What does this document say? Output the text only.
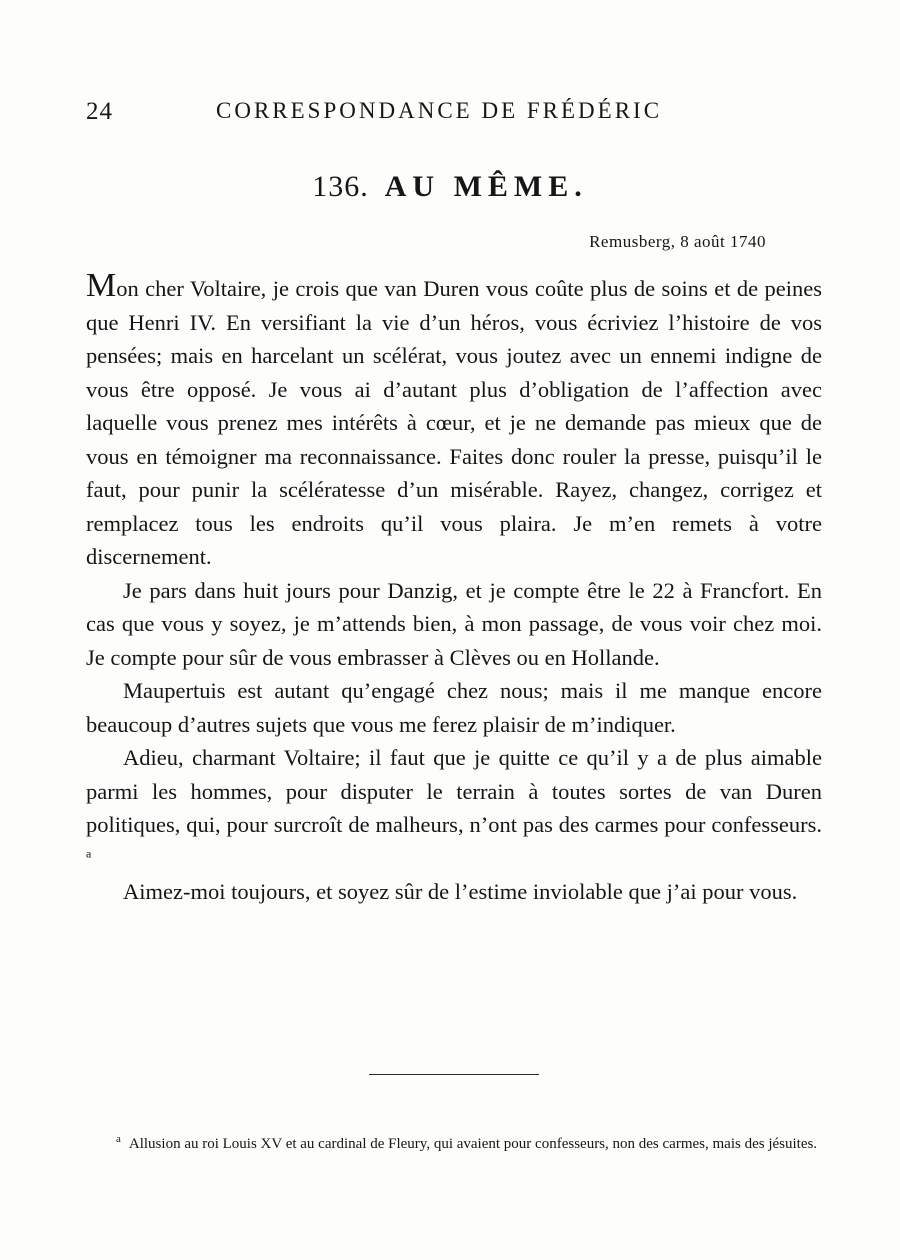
24	CORRESPONDANCE DE FRÉDÉRIC
136. AU MÊME.
Remusberg, 8 août 1740

Mon cher Voltaire, je crois que van Duren vous coûte plus de soins et de peines que Henri IV. En versifiant la vie d’un héros, vous écriviez l’histoire de vos pensées; mais en harcelant un scélérat, vous joutez avec un ennemi indigne de vous être opposé. Je vous ai d’autant plus d’obligation de l’affection avec laquelle vous prenez mes intérêts à cœur, et je ne demande pas mieux que de vous en témoigner ma reconnaissance. Faites donc rouler la presse, puisqu’il le faut, pour punir la scélératesse d’un misérable. Rayez, changez, corrigez et remplacez tous les endroits qu’il vous plaira. Je m’en remets à votre discernement.

Je pars dans huit jours pour Danzig, et je compte être le 22 à Francfort. En cas que vous y soyez, je m’attends bien, à mon passage, de vous voir chez moi. Je compte pour sûr de vous embrasser à Clèves ou en Hollande.

Maupertuis est autant qu’engagé chez nous; mais il me manque encore beaucoup d’autres sujets que vous me ferez plaisir de m’indiquer.

Adieu, charmant Voltaire; il faut que je quitte ce qu’il y a de plus aimable parmi les hommes, pour disputer le terrain à toutes sortes de van Duren politiques, qui, pour surcroît de malheurs, n’ont pas des carmes pour confesseurs. $^a$

Aimez-moi toujours, et soyez sûr de l’estime inviolable que j’ai pour vous.

$^a$ Allusion au roi Louis XV et au cardinal de Fleury, qui avaient pour confesseurs, non des carmes, mais des jésuites.
